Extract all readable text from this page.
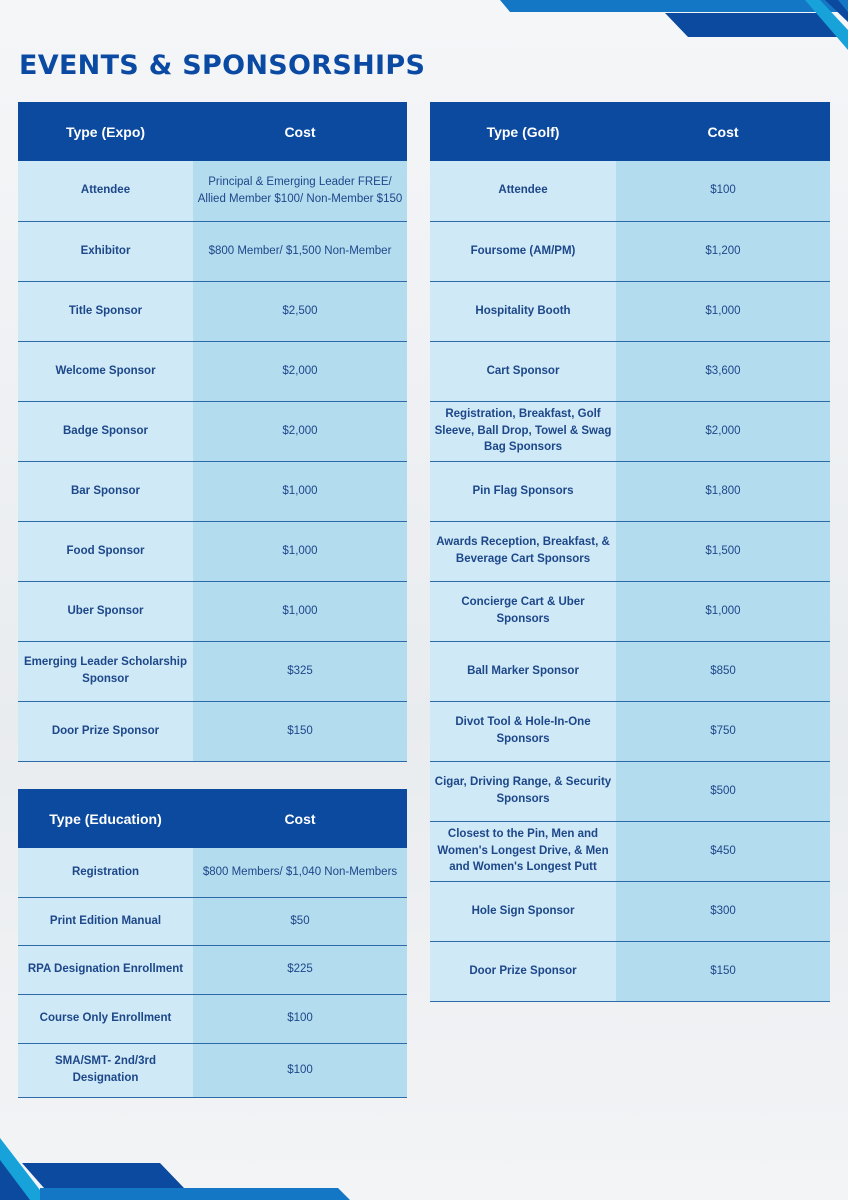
EVENTS & SPONSORSHIPS
Type (Expo)	Cost
Attendee	Principal & Emerging Leader FREE/ Allied Member $100/ Non-Member $150
Exhibitor	$800 Member/ $1,500 Non-Member
Title Sponsor	$2,500
Welcome Sponsor	$2,000
Badge Sponsor	$2,000
Bar Sponsor	$1,000
Food Sponsor	$1,000
Uber Sponsor	$1,000
Emerging Leader Scholarship Sponsor	$325
Door Prize Sponsor	$150
Type (Education)	Cost
Registration	$800 Members/ $1,040 Non-Members
Print Edition Manual	$50
RPA Designation Enrollment	$225
Course Only Enrollment	$100
SMA/SMT- 2nd/3rd Designation	$100
Type (Golf)	Cost
Attendee	$100
Foursome (AM/PM)	$1,200
Hospitality Booth	$1,000
Cart Sponsor	$3,600
Registration, Breakfast, Golf Sleeve, Ball Drop, Towel & Swag Bag Sponsors	$2,000
Pin Flag Sponsors	$1,800
Awards Reception, Breakfast, & Beverage Cart Sponsors	$1,500
Concierge Cart & Uber Sponsors	$1,000
Ball Marker Sponsor	$850
Divot Tool & Hole-In-One Sponsors	$750
Cigar, Driving Range, & Security Sponsors	$500
Closest to the Pin, Men and Women's Longest Drive, & Men and Women's Longest Putt	$450
Hole Sign Sponsor	$300
Door Prize Sponsor	$150
